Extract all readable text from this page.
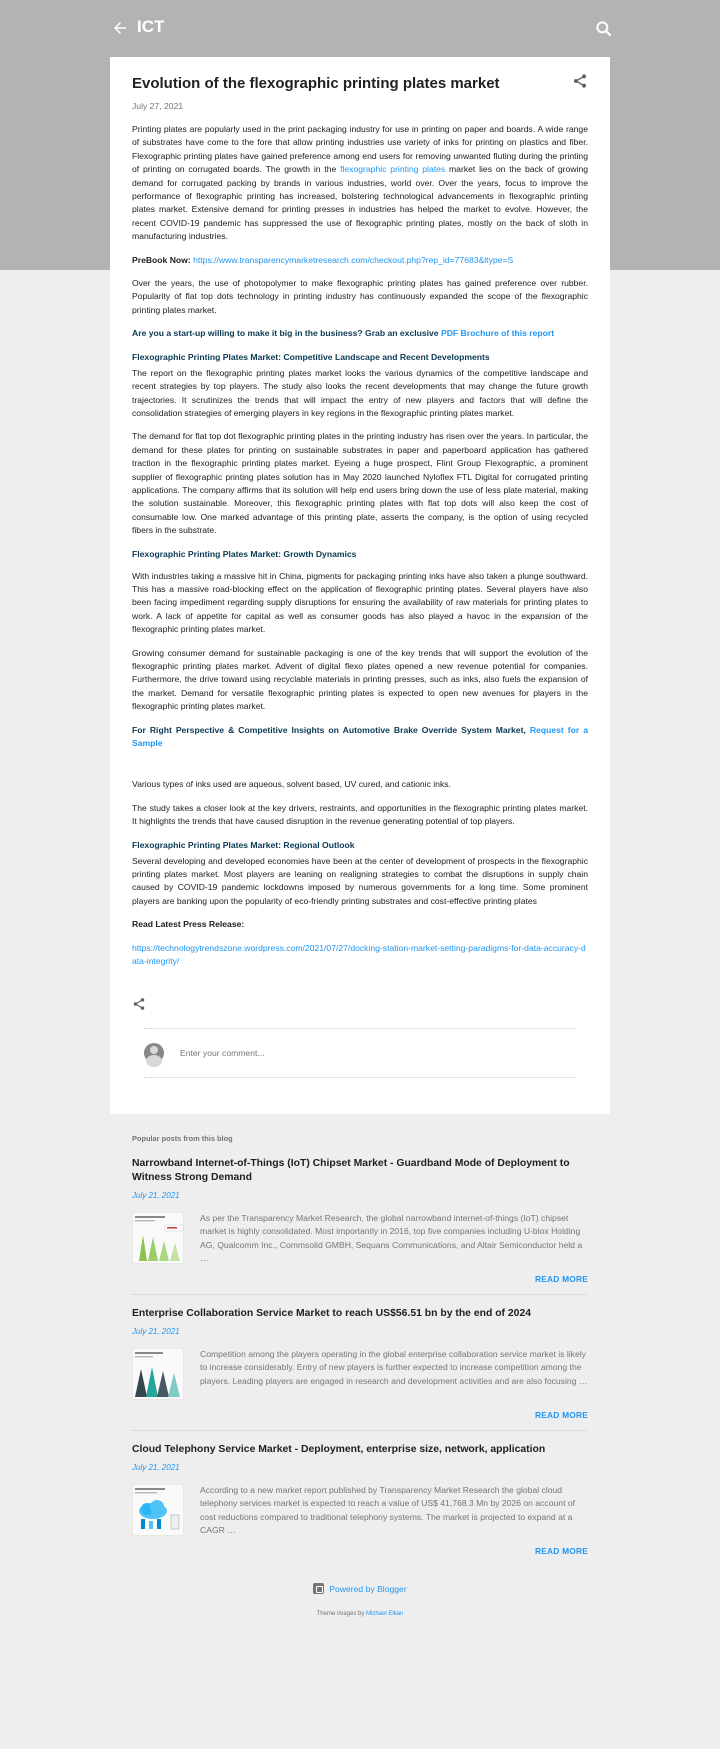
ICT
Evolution of the flexographic printing plates market
July 27, 2021

Printing plates are popularly used in the print packaging industry for use in printing on paper and boards. A wide range of substrates have come to the fore that allow printing industries use variety of inks for printing on plastics and fiber. Flexographic printing plates have gained preference among end users for removing unwanted fluting during the printing of printing on corrugated boards. The growth in the flexographic printing plates market lies on the back of growing demand for corrugated packing by brands in various industries, world over. Over the years, focus to improve the performance of flexographic printing has increased, bolstering technological advancements in flexographic printing plates market. Extensive demand for printing presses in industries has helped the market to evolve. However, the recent COVID-19 pandemic has suppressed the use of flexographic printing plates, mostly on the back of sloth in manufacturing industries.

PreBook Now: https://www.transparencymarketresearch.com/checkout.php?rep_id=77683&ltype=S

Over the years, the use of photopolymer to make flexographic printing plates has gained preference over rubber. Popularity of flat top dots technology in printing industry has continuously expanded the scope of the flexographic printing plates market.

Are you a start-up willing to make it big in the business? Grab an exclusive PDF Brochure of this report

Flexographic Printing Plates Market: Competitive Landscape and Recent Developments

The report on the flexographic printing plates market looks the various dynamics of the competitive landscape and recent strategies by top players. The study also looks the recent developments that may change the future growth trajectories. It scrutinizes the trends that will impact the entry of new players and factors that will define the consolidation strategies of emerging players in key regions in the flexographic printing plates market.

The demand for flat top dot flexographic printing plates in the printing industry has risen over the years. In particular, the demand for these plates for printing on sustainable substrates in paper and paperboard application has gathered traction in the flexographic printing plates market. Eyeing a huge prospect, Flint Group Flexographic, a prominent supplier of flexographic printing plates solution has in May 2020 launched Nyloflex FTL Digital for corrugated printing applications. The company affirms that its solution will help end users bring down the use of less plate material, making the solution sustainable. Moreover, this flexographic printing plates with flat top dots will also keep the cost of consumable low. One marked advantage of this printing plate, asserts the company, is the option of using recycled fibers in the substrate.

Flexographic Printing Plates Market: Growth Dynamics

With industries taking a massive hit in China, pigments for packaging printing inks have also taken a plunge southward. This has a massive road-blocking effect on the application of flexographic printing plates. Several players have also been facing impediment regarding supply disruptions for ensuring the availability of raw materials for printing plates to work. A lack of appetite for capital as well as consumer goods has also played a havoc in the expansion of the flexographic printing plates market.

Growing consumer demand for sustainable packaging is one of the key trends that will support the evolution of the flexographic printing plates market. Advent of digital flexo plates opened a new revenue potential for companies. Furthermore, the drive toward using recyclable materials in printing presses, such as inks, also fuels the expansion of the market. Demand for versatile flexographic printing plates is expected to open new avenues for players in the flexographic printing plates market.

For Right Perspective & Competitive Insights on Automotive Brake Override System Market, Request for a Sample

Various types of inks used are aqueous, solvent based, UV cured, and cationic inks.

The study takes a closer look at the key drivers, restraints, and opportunities in the flexographic printing plates market. It highlights the trends that have caused disruption in the revenue generating potential of top players.

Flexographic Printing Plates Market: Regional Outlook

Several developing and developed economies have been at the center of development of prospects in the flexographic printing plates market. Most players are leaning on realigning strategies to combat the disruptions in supply chain caused by COVID-19 pandemic lockdowns imposed by numerous governments for a long time. Some prominent players are banking upon the popularity of eco-friendly printing substrates and cost-effective printing plates

Read Latest Press Release:

https://technologytrendszone.wordpress.com/2021/07/27/docking-station-market-setting-paradigms-for-data-accuracy-data-integrity/

Enter your comment...
Popular posts from this blog
Narrowband Internet-of-Things (IoT) Chipset Market - Guardband Mode of Deployment to Witness Strong Demand
July 21, 2021
As per the Transparency Market Research, the global narrowband internet-of-things (IoT) chipset market is highly consolidated. Most importantly in 2016, top five companies including U-blox Holding AG, Qualcomm Inc., Commsolid GMBH, Sequans Communications, and Altair Semiconductor held a …
READ MORE
Enterprise Collaboration Service Market to reach US$56.51 bn by the end of 2024
July 21, 2021
Competition among the players operating in the global enterprise collaboration service market is likely to increase considerably. Entry of new players is further expected to increase competition among the players. Leading players are engaged in research and development activities and are also focusing …
READ MORE
Cloud Telephony Service Market - Deployment, enterprise size, network, application
July 21, 2021
According to a new market report published by Transparency Market Research the global cloud telephony services market is expected to reach a value of US$ 41,768.3 Mn by 2026 on account of cost reductions compared to traditional telephony systems. The market is projected to expand at a CAGR …
READ MORE
Powered by Blogger
Theme images by Michael Elkan
